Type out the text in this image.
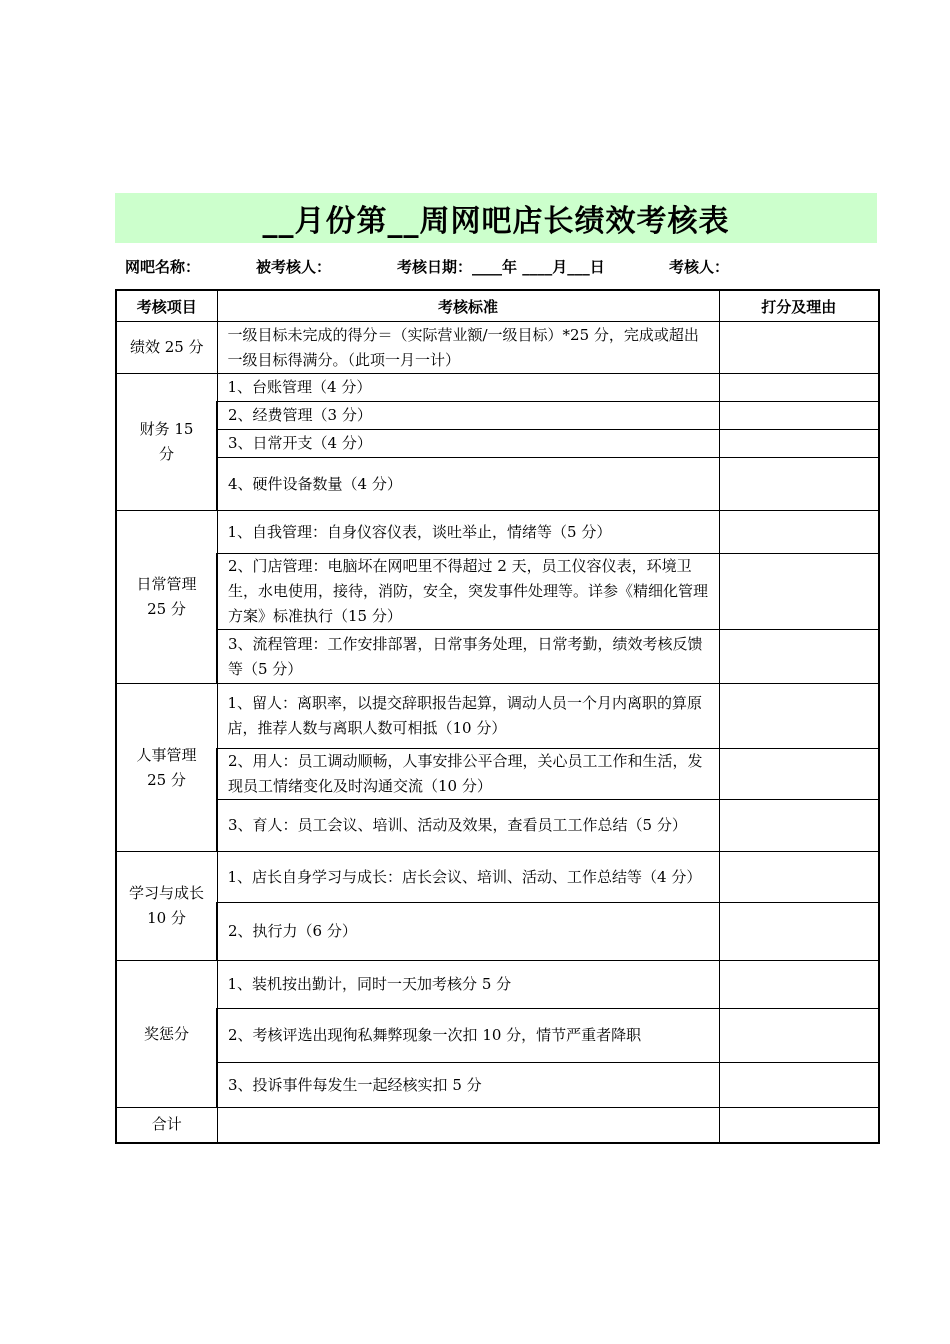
__月份第__周网吧店长绩效考核表
网吧名称：	被考核人：	考核日期：____年 ____月___日	考核人：
考核项目	考核标准	打分及理由
绩效 25 分	一级目标未完成的得分＝（实际营业额/一级目标）*25 分，完成或超出一级目标得满分。（此项一月一计）	

财务 15 分	1、台账管理（4 分）	
	2、经费管理（3 分）	
	3、日常开支（4 分）	
	4、硬件设备数量（4 分）	

日常管理 25 分	1、自我管理：自身仪容仪表，谈吐举止，情绪等（5 分）	
	2、门店管理：电脑坏在网吧里不得超过 2 天，员工仪容仪表，环境卫生，水电使用，接待，消防，安全，突发事件处理等。详参《精细化管理方案》标准执行（15 分）	
	3、流程管理：工作安排部署，日常事务处理，日常考勤，绩效考核反馈等（5 分）	

人事管理 25 分	1、留人：离职率，以提交辞职报告起算，调动人员一个月内离职的算原店，推荐人数与离职人数可相抵（10 分）	
	2、用人：员工调动顺畅，人事安排公平合理，关心员工工作和生活，发现员工情绪变化及时沟通交流（10 分）	
	3、育人：员工会议、培训、活动及效果，查看员工工作总结（5 分）	

学习与成长 10 分	1、店长自身学习与成长：店长会议、培训、活动、工作总结等（4 分）	
	2、执行力（6 分）	
奖惩分	1、装机按出勤计，同时一天加考核分 5 分	
	2、考核评选出现徇私舞弊现象一次扣 10 分，情节严重者降职	
	3、投诉事件每发生一起经核实扣 5 分	
合计		
